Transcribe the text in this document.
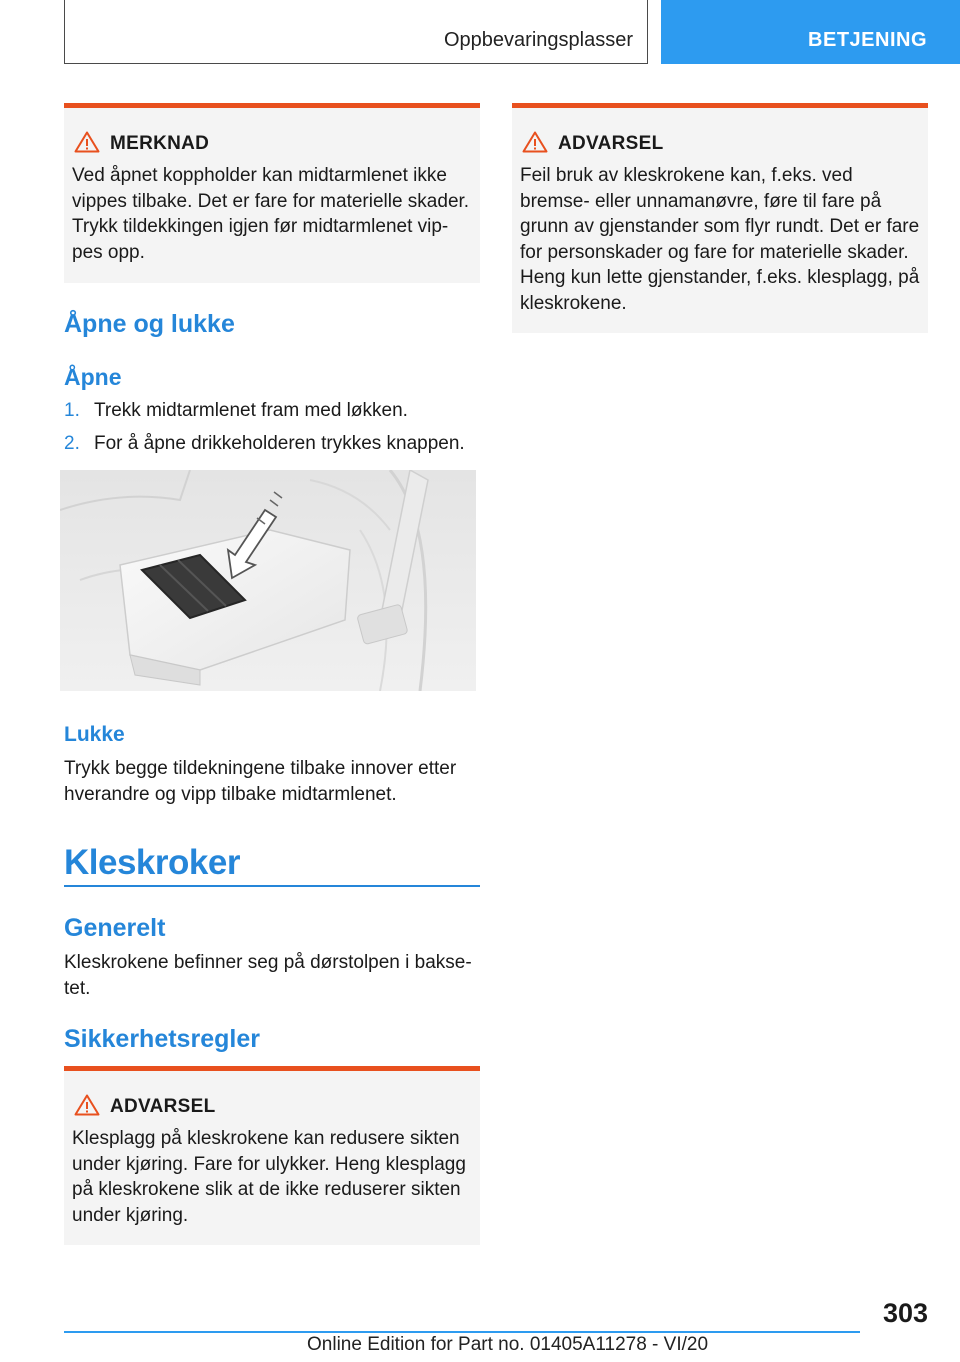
Oppbevaringsplasser	BETJENING
MERKNAD
Ved åpnet koppholder kan midtarmlenet ikke
vippes tilbake. Det er fare for materielle skader.
Trykk tildekkingen igjen før midtarmlenet vip-
pes opp.
Åpne og lukke
Åpne
1. Trekk midtarmlenet fram med løkken.
2. For å åpne drikkeholderen trykkes knappen.
Lukke
Trykk begge tildekningene tilbake innover etter
hverandre og vipp tilbake midtarmlenet.
Kleskroker
Generelt
Kleskrokene befinner seg på dørstolpen i bakse-
tet.
Sikkerhetsregler
ADVARSEL
Klesplagg på kleskrokene kan redusere sikten
under kjøring. Fare for ulykker. Heng klesplagg
på kleskrokene slik at de ikke reduserer sikten
under kjøring.
ADVARSEL
Feil bruk av kleskrokene kan, f.eks. ved
bremse- eller unnamanøvre, føre til fare på
grunn av gjenstander som flyr rundt. Det er fare
for personskader og fare for materielle skader.
Heng kun lette gjenstander, f.eks. klesplagg, på
kleskrokene.
303
Online Edition for Part no. 01405A11278 - VI/20
